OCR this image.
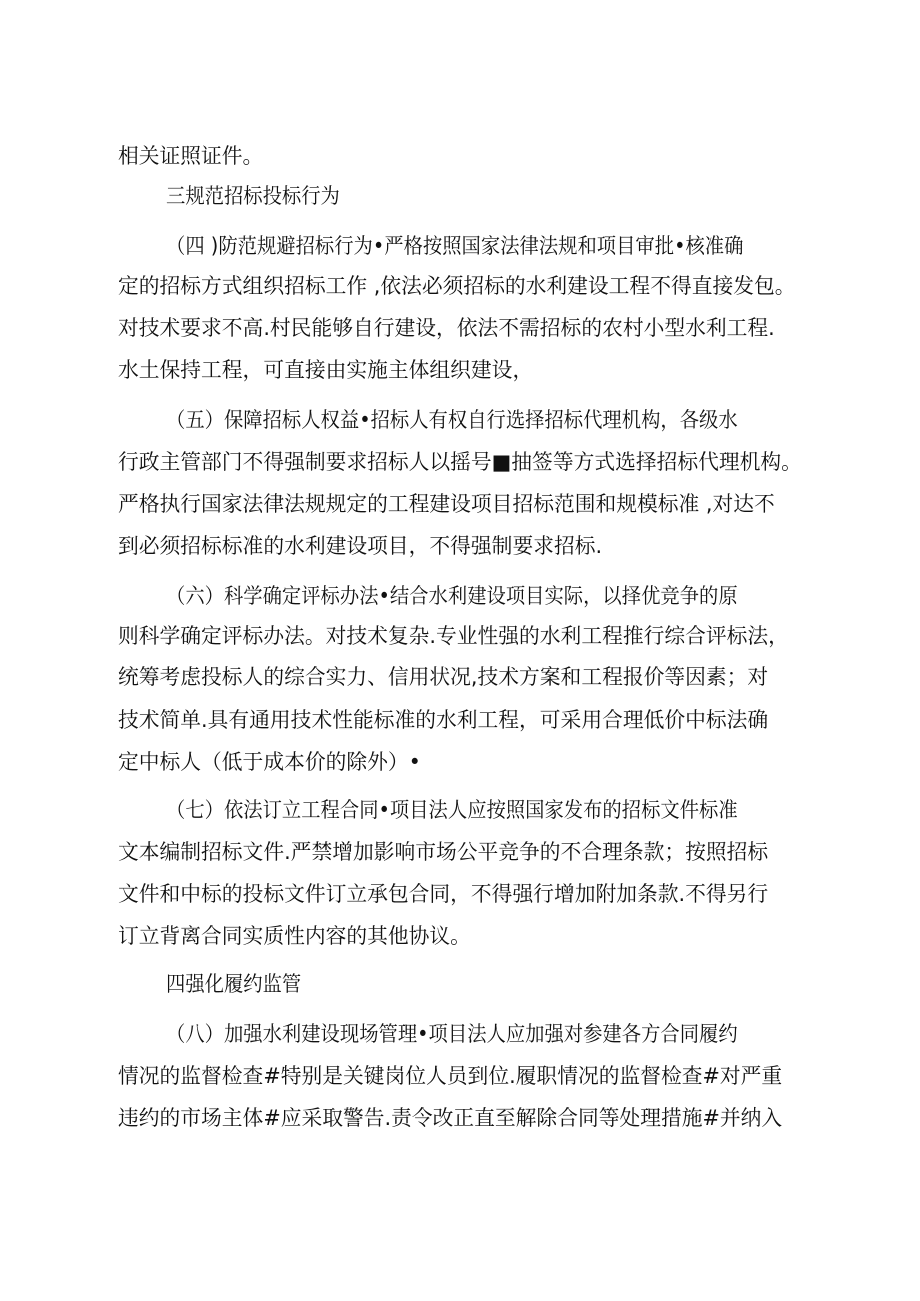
相关证照证件。
三规范招标投标行为
（四 )防范规避招标行为•严格按照国家法律法规和项目审批•核准确
定的招标方式组织招标工作 ,依法必须招标的水利建设工程不得直接发包。
对技术要求不高.村民能够自行建设，依法不需招标的农村小型水利工程.
水土保持工程，可直接由实施主体组织建设，
（五）保障招标人权益•招标人有权自行选择招标代理机构，各级水
行政主管部门不得强制要求招标人以摇号■抽签等方式选择招标代理机构。
严格执行国家法律法规规定的工程建设项目招标范围和规模标准 ,对达不
到必须招标标准的水利建设项目，不得强制要求招标.
（六）科学确定评标办法•结合水利建设项目实际，以择优竞争的原
则科学确定评标办法。对技术复杂.专业性强的水利工程推行综合评标法，
统筹考虑投标人的综合实力、信用状况,技术方案和工程报价等因素；对
技术简单.具有通用技术性能标准的水利工程，可采用合理低价中标法确
定中标人（低于成本价的除外）•
（七）依法订立工程合同•项目法人应按照国家发布的招标文件标准
文本编制招标文件.严禁增加影响市场公平竞争的不合理条款；按照招标
文件和中标的投标文件订立承包合同，不得强行增加附加条款.不得另行
订立背离合同实质性内容的其他协议。
四强化履约监管
（八）加强水利建设现场管理•项目法人应加强对参建各方合同履约
情况的监督检查#特别是关键岗位人员到位.履职情况的监督检查#对严重
违约的市场主体#应采取警告.责令改正直至解除合同等处理措施#并纳入
